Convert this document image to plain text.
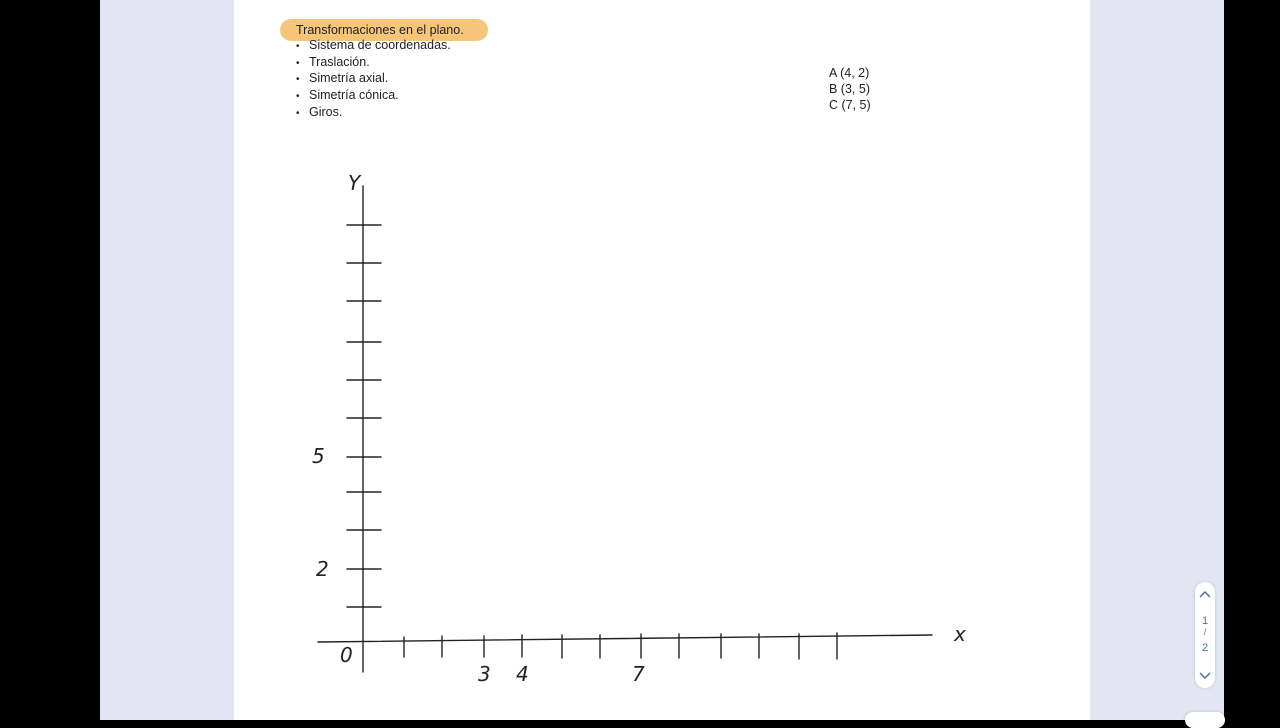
Transformaciones en el plano.
• Sistema de coordenadas.
• Traslación.
• Simetría axial.
• Simetría cónica.
• Giros.
A (4, 2)
B (3, 5)
C (7, 5)
Y
x
0
5
2
3 4	7
1
/
2
